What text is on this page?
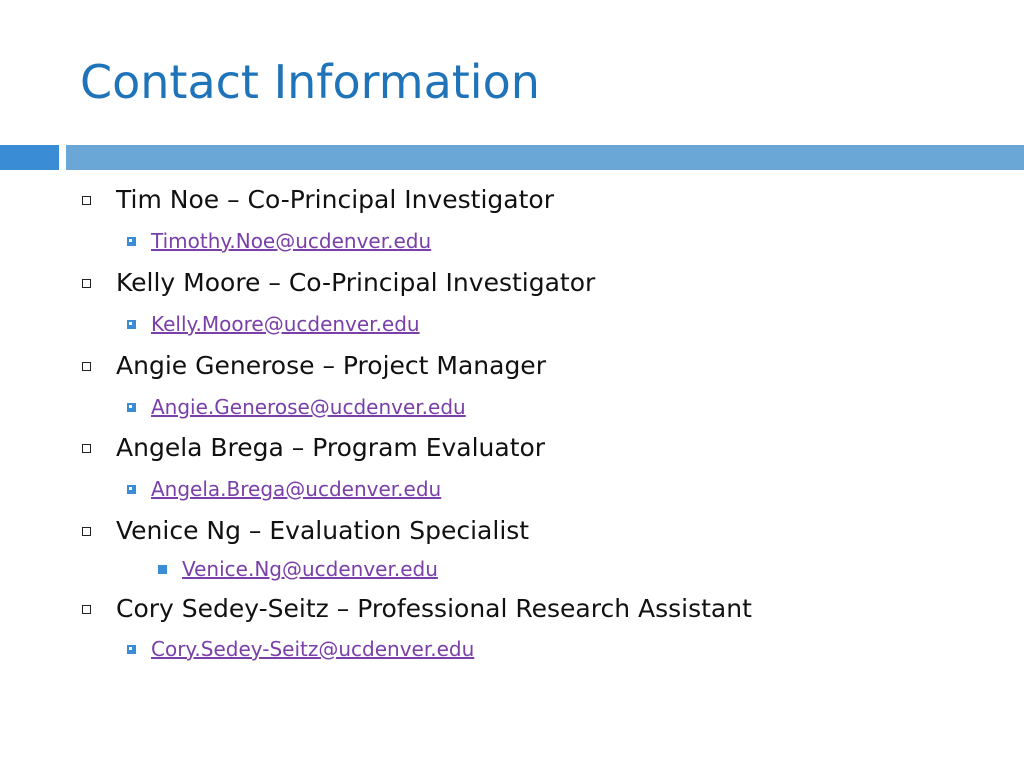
Contact Information
Tim Noe – Co-Principal Investigator
Timothy.Noe@ucdenver.edu
Kelly Moore – Co-Principal Investigator
Kelly.Moore@ucdenver.edu
Angie Generose – Project Manager
Angie.Generose@ucdenver.edu
Angela Brega – Program Evaluator
Angela.Brega@ucdenver.edu
Venice Ng – Evaluation Specialist
Venice.Ng@ucdenver.edu
Cory Sedey-Seitz – Professional Research Assistant
Cory.Sedey-Seitz@ucdenver.edu
